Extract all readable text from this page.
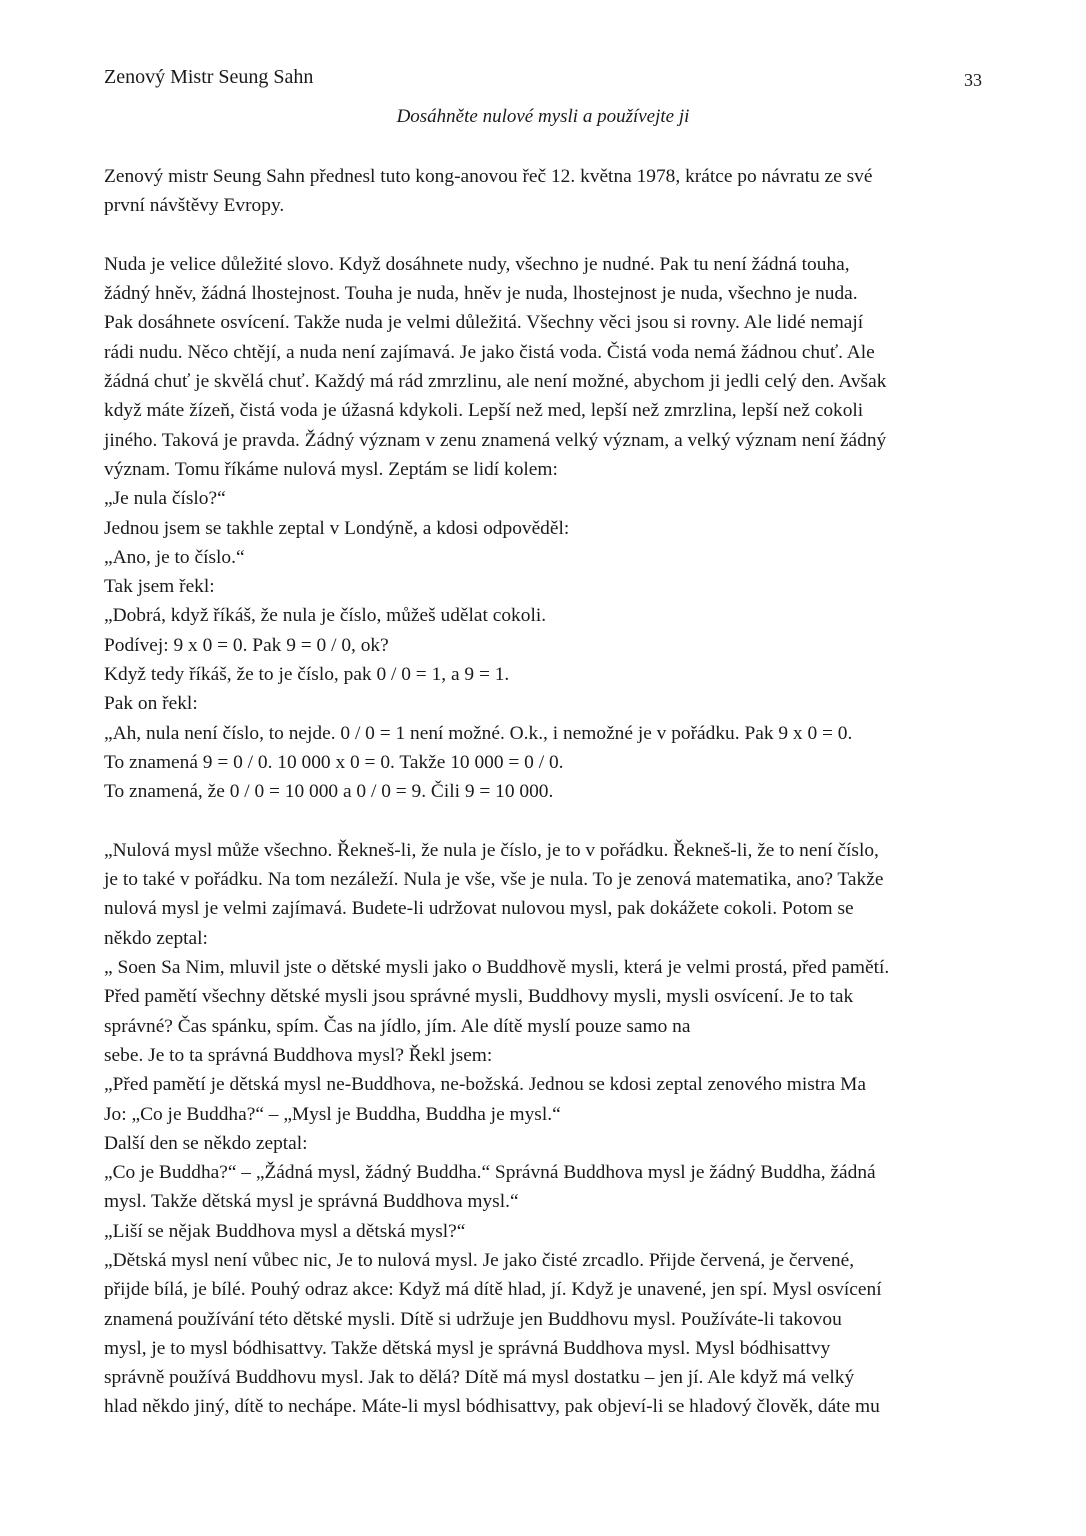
Zenový Mistr Seung Sahn	33
Dosáhněte nulové mysli a používejte ji
Zenový mistr Seung Sahn přednesl tuto kong-anovou řeč 12. května 1978, krátce po návratu ze své
první návštěvy Evropy.
Nuda je velice důležité slovo. Když dosáhnete nudy, všechno je nudné. Pak tu není žádná touha,
žádný hněv, žádná lhostejnost. Touha je nuda, hněv je nuda, lhostejnost je nuda, všechno je nuda.
Pak dosáhnete osvícení. Takže nuda je velmi důležitá. Všechny věci jsou si rovny. Ale lidé nemají
rádi nudu. Něco chtějí, a nuda není zajímavá. Je jako čistá voda. Čistá voda nemá žádnou chuť. Ale
žádná chuť je skvělá chuť. Každý má rád zmrzlinu, ale není možné, abychom ji jedli celý den. Avšak
když máte žízeň, čistá voda je úžasná kdykoli. Lepší než med, lepší než zmrzlina, lepší než cokoli
jiného. Taková je pravda. Žádný význam v zenu znamená velký význam, a velký význam není žádný
význam. Tomu říkáme nulová mysl. Zeptám se lidí kolem:
„Je nula číslo?“
Jednou jsem se takhle zeptal v Londýně, a kdosi odpověděl:
„Ano, je to číslo.“
Tak jsem řekl:
„Dobrá, když říkáš, že nula je číslo, můžeš udělat cokoli.
Podívej: 9 x 0 = 0. Pak 9 = 0 / 0, ok?
Když tedy říkáš, že to je číslo, pak 0 / 0 = 1, a 9 = 1.
Pak on řekl:
„Ah, nula není číslo, to nejde. 0 / 0 = 1 není možné. O.k., i nemožné je v pořádku. Pak 9 x 0 = 0.
To znamená 9 = 0 / 0. 10 000 x 0 = 0. Takže 10 000 = 0 / 0.
To znamená, že 0 / 0 = 10 000 a 0 / 0 = 9. Čili 9 = 10 000.
„Nulová mysl může všechno. Řekneš-li, že nula je číslo, je to v pořádku. Řekneš-li, že to není číslo,
je to také v pořádku. Na tom nezáleží. Nula je vše, vše je nula. To je zenová matematika, ano? Takže
nulová mysl je velmi zajímavá. Budete-li udržovat nulovou mysl, pak dokážete cokoli. Potom se
někdo zeptal:
„ Soen Sa Nim, mluvil jste o dětské mysli jako o Buddhově mysli, která je velmi prostá, před pamětí.
Před pamětí všechny dětské mysli jsou správné mysli, Buddhovy mysli, mysli osvícení. Je to tak
správné? Čas spánku, spím. Čas na jídlo, jím. Ale dítě myslí pouze samo na
sebe. Je to ta správná Buddhova mysl? Řekl jsem:
„Před pamětí je dětská mysl ne-Buddhova, ne-božská. Jednou se kdosi zeptal zenového mistra Ma
Jo: „Co je Buddha?“ – „Mysl je Buddha, Buddha je mysl.“
Další den se někdo zeptal:
„Co je Buddha?“ – „Žádná mysl, žádný Buddha.“ Správná Buddhova mysl je žádný Buddha, žádná
mysl. Takže dětská mysl je správná Buddhova mysl.“
„Liší se nějak Buddhova mysl a dětská mysl?“
„Dětská mysl není vůbec nic, Je to nulová mysl. Je jako čisté zrcadlo. Přijde červená, je červené,
přijde bílá, je bílé. Pouhý odraz akce: Když má dítě hlad, jí. Když je unavené, jen spí. Mysl osvícení
znamená používání této dětské mysli. Dítě si udržuje jen Buddhovu mysl. Používáte-li takovou
mysl, je to mysl bódhisattvy. Takže dětská mysl je správná Buddhova mysl. Mysl bódhisattvy
správně používá Buddhovu mysl. Jak to dělá? Dítě má mysl dostatku – jen jí. Ale když má velký
hlad někdo jiný, dítě to nechápe. Máte-li mysl bódhisattvy, pak objeví-li se hladový člověk, dáte mu
